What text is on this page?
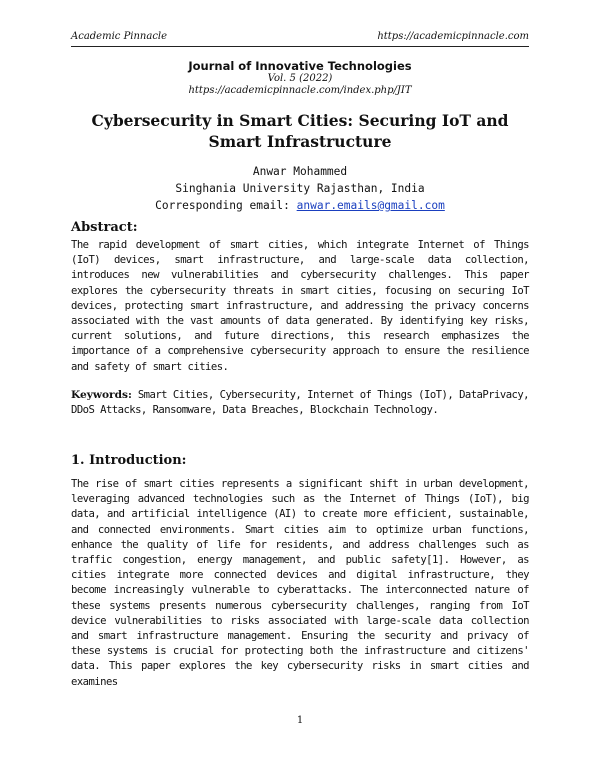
Academic Pinnacle	https://academicpinnacle.com
Journal of Innovative Technologies
Vol. 5 (2022)
https://academicpinnacle.com/index.php/JIT
Cybersecurity in Smart Cities: Securing IoT and Smart Infrastructure
Anwar Mohammed
Singhania University Rajasthan, India
Corresponding email: anwar.emails@gmail.com
Abstract:
The rapid development of smart cities, which integrate Internet of Things (IoT) devices, smart infrastructure, and large-scale data collection, introduces new vulnerabilities and cybersecurity challenges. This paper explores the cybersecurity threats in smart cities, focusing on securing IoT devices, protecting smart infrastructure, and addressing the privacy concerns associated with the vast amounts of data generated. By identifying key risks, current solutions, and future directions, this research emphasizes the importance of a comprehensive cybersecurity approach to ensure the resilience and safety of smart cities.
Keywords: Smart Cities, Cybersecurity, Internet of Things (IoT), DataPrivacy, DDoS Attacks, Ransomware, Data Breaches, Blockchain Technology.
1. Introduction:
The rise of smart cities represents a significant shift in urban development, leveraging advanced technologies such as the Internet of Things (IoT), big data, and artificial intelligence (AI) to create more efficient, sustainable, and connected environments. Smart cities aim to optimize urban functions, enhance the quality of life for residents, and address challenges such as traffic congestion, energy management, and public safety[1]. However, as cities integrate more connected devices and digital infrastructure, they become increasingly vulnerable to cyberattacks. The interconnected nature of these systems presents numerous cybersecurity challenges, ranging from IoT device vulnerabilities to risks associated with large-scale data collection and smart infrastructure management. Ensuring the security and privacy of these systems is crucial for protecting both the infrastructure and citizens' data. This paper explores the key cybersecurity risks in smart cities and examines
1
